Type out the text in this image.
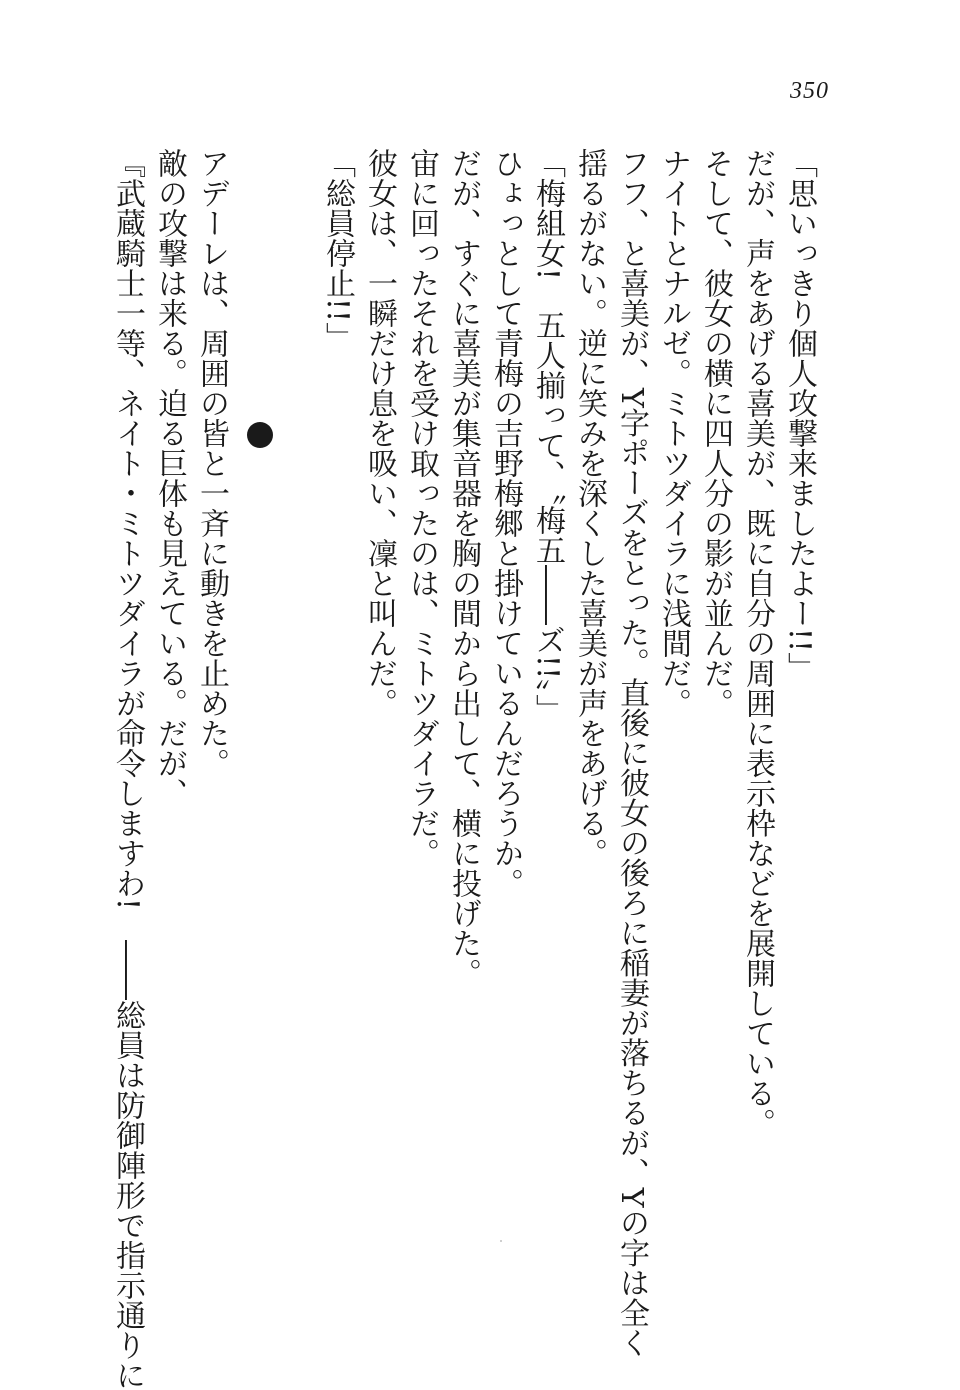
350
「思いっきり個人攻撃来ましたよー!!」
だが、声をあげる喜美が、既に自分の周囲に表示枠などを展開している。
そして、彼女の横に四人分の影が並んだ。
ナイトとナルゼ。ミトツダイラに浅間だ。
フフ、と喜美が、Y字ポーズをとった。直後に彼女の後ろに稲妻が落ちるが、Yの字は全く
揺るがない。逆に笑みを深くした喜美が声をあげる。
「梅組女!　五人揃って、〝梅五――ズ!!〟」
ひょっとして青梅の吉野梅郷と掛けているんだろうか。
だが、すぐに喜美が集音器を胸の間から出して、横に投げた。
宙に回ったそれを受け取ったのは、ミトツダイラだ。
彼女は、一瞬だけ息を吸い、凜と叫んだ。
「総員停止!!」

アデーレは、周囲の皆と一斉に動きを止めた。
敵の攻撃は来る。迫る巨体も見えている。だが、
『武蔵騎士一等、ネイト・ミトツダイラが命令しますわ!　――総員は防御陣形で指示通りに
